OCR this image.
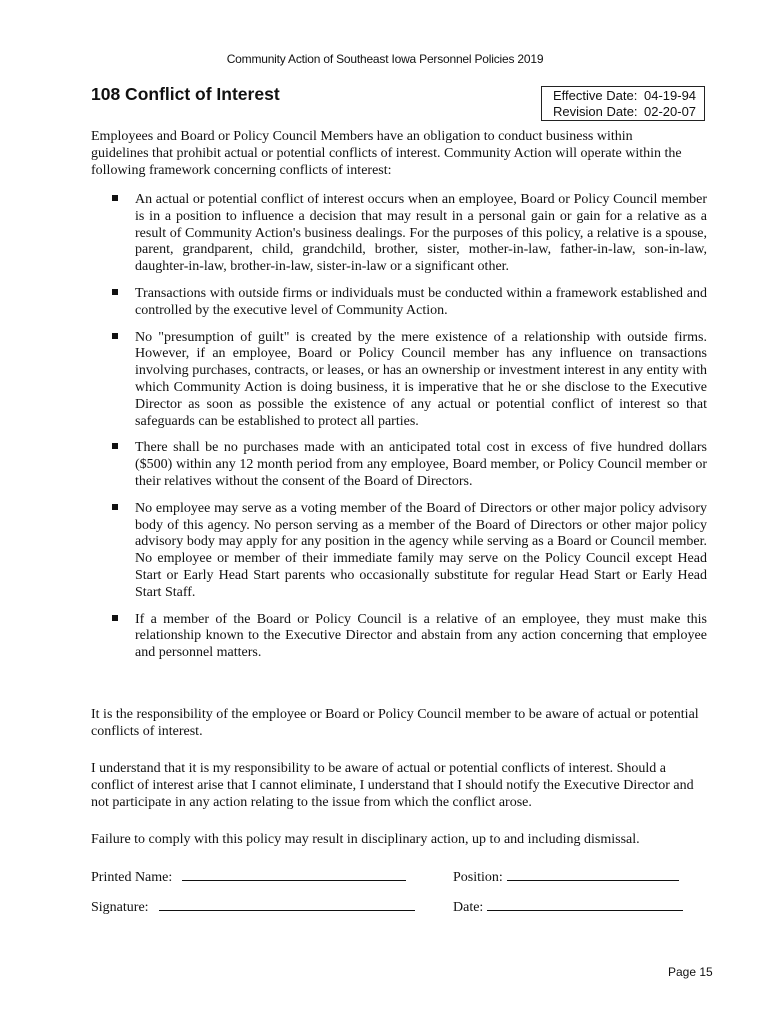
Community Action of Southeast Iowa Personnel Policies 2019
108 Conflict of Interest	Effective Date: 04-19-94
Revision Date: 02-20-07
Employees and Board or Policy Council Members have an obligation to conduct business within guidelines that prohibit actual or potential conflicts of interest. Community Action will operate within the following framework concerning conflicts of interest:
An actual or potential conflict of interest occurs when an employee, Board or Policy Council member is in a position to influence a decision that may result in a personal gain or gain for a relative as a result of Community Action's business dealings. For the purposes of this policy, a relative is a spouse, parent, grandparent, child, grandchild, brother, sister, mother-in-law, father-in-law, son-in-law, daughter-in-law, brother-in-law, sister-in-law or a significant other.
Transactions with outside firms or individuals must be conducted within a framework established and controlled by the executive level of Community Action.
No "presumption of guilt" is created by the mere existence of a relationship with outside firms. However, if an employee, Board or Policy Council member has any influence on transactions involving purchases, contracts, or leases, or has an ownership or investment interest in any entity with which Community Action is doing business, it is imperative that he or she disclose to the Executive Director as soon as possible the existence of any actual or potential conflict of interest so that safeguards can be established to protect all parties.
There shall be no purchases made with an anticipated total cost in excess of five hundred dollars ($500) within any 12 month period from any employee, Board member, or Policy Council member or their relatives without the consent of the Board of Directors.
No employee may serve as a voting member of the Board of Directors or other major policy advisory body of this agency. No person serving as a member of the Board of Directors or other major policy advisory body may apply for any position in the agency while serving as a Board or Council member. No employee or member of their immediate family may serve on the Policy Council except Head Start or Early Head Start parents who occasionally substitute for regular Head Start or Early Head Start Staff.
If a member of the Board or Policy Council is a relative of an employee, they must make this relationship known to the Executive Director and abstain from any action concerning that employee and personnel matters.
It is the responsibility of the employee or Board or Policy Council member to be aware of actual or potential conflicts of interest.
I understand that it is my responsibility to be aware of actual or potential conflicts of interest. Should a conflict of interest arise that I cannot eliminate, I understand that I should notify the Executive Director and not participate in any action relating to the issue from which the conflict arose.
Failure to comply with this policy may result in disciplinary action, up to and including dismissal.
Printed Name:	Position:
Signature:	Date:
Page 15
